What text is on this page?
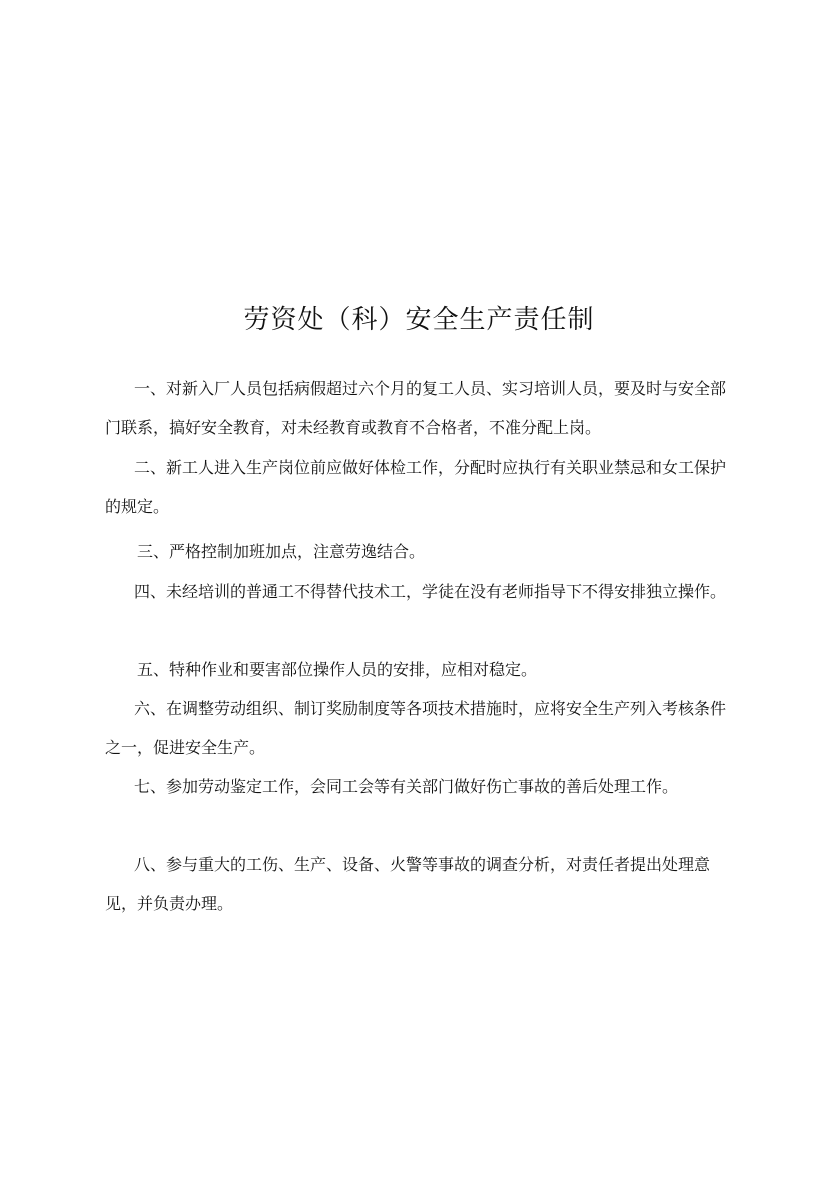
劳资处（科）安全生产责任制

一、对新入厂人员包括病假超过六个月的复工人员、实习培训人员，要及时与安全部门联系，搞好安全教育，对未经教育或教育不合格者，不准分配上岗。

二、新工人进入生产岗位前应做好体检工作，分配时应执行有关职业禁忌和女工保护的规定。

三、严格控制加班加点，注意劳逸结合。

四、未经培训的普通工不得替代技术工，学徒在没有老师指导下不得安排独立操作。

五、特种作业和要害部位操作人员的安排，应相对稳定。

六、在调整劳动组织、制订奖励制度等各项技术措施时，应将安全生产列入考核条件之一，促进安全生产。

七、参加劳动鉴定工作，会同工会等有关部门做好伤亡事故的善后处理工作。

八、参与重大的工伤、生产、设备、火警等事故的调查分析，对责任者提出处理意见，并负责办理。
